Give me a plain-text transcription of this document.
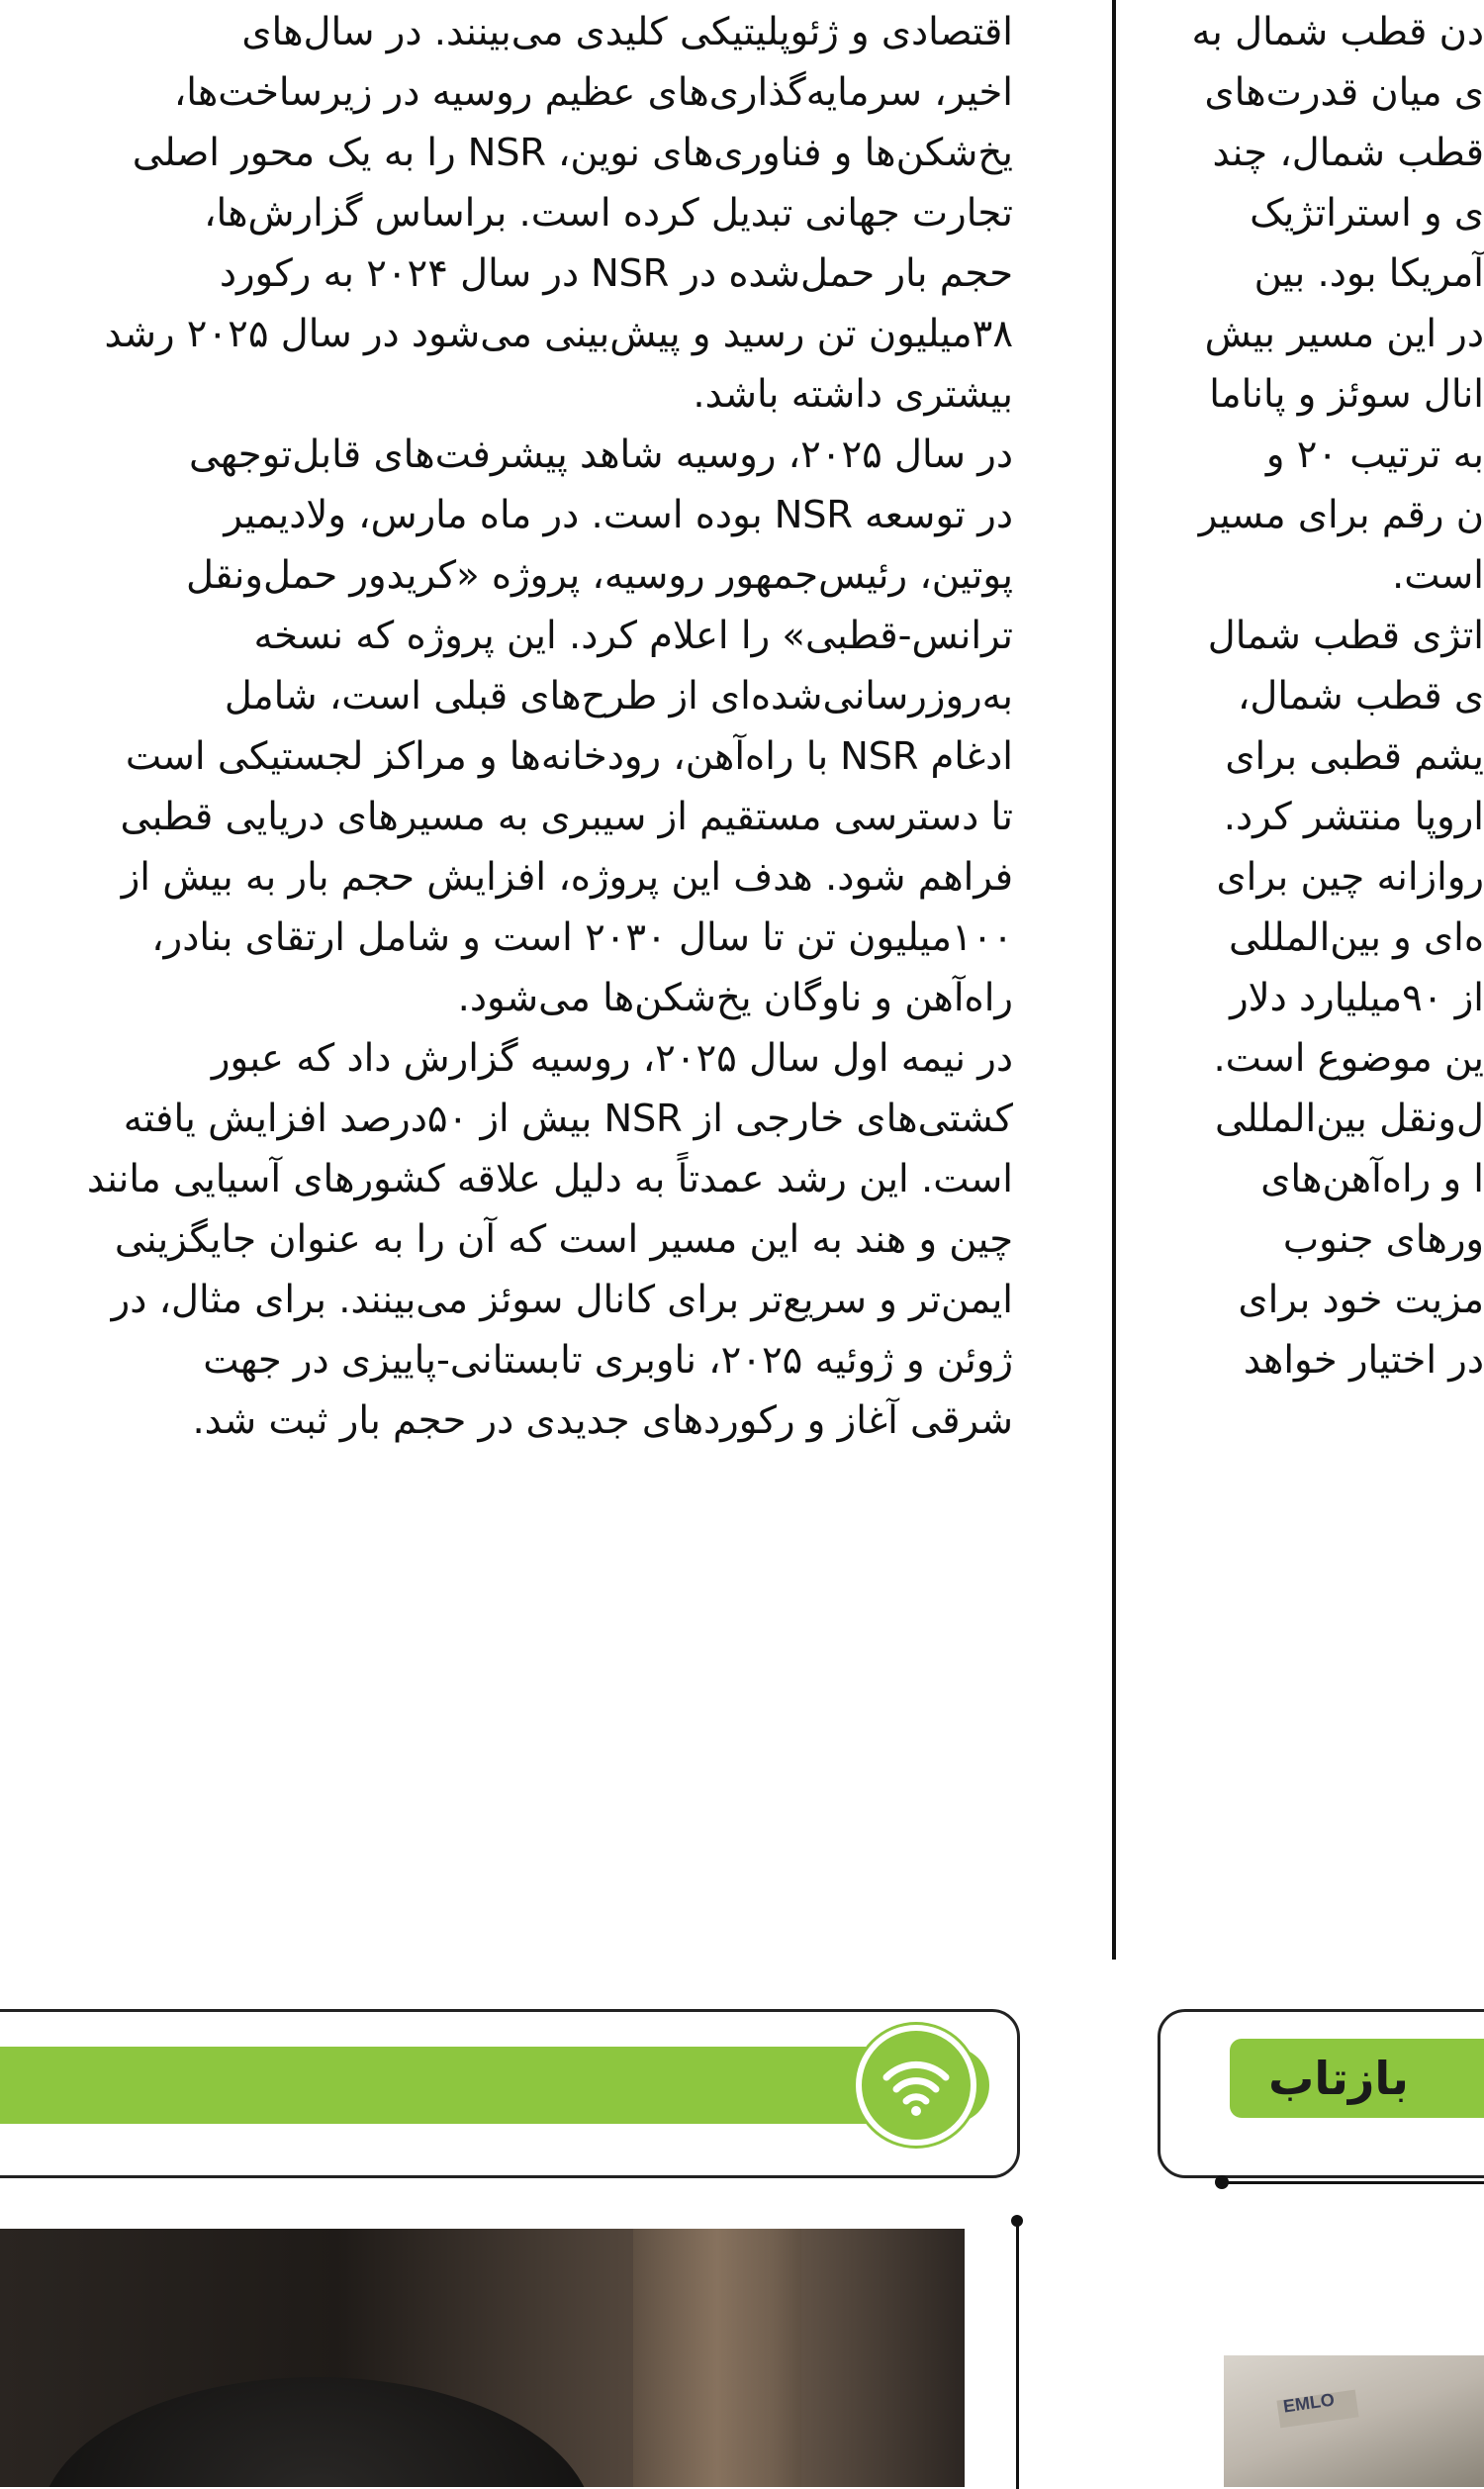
اقتصادی و ژئوپلیتیکی کلیدی می‌بینند. در سال‌های
اخیر، سرمایه‌گذاری‌های عظیم روسیه در زیرساخت‌ها،
یخ‌شکن‌ها و فناوری‌های نوین، NSR را به یک محور اصلی
تجارت جهانی تبدیل کرده است. براساس گزارش‌ها،
حجم بار حمل‌شده در NSR در سال ۲۰۲۴ به رکورد
۳۸میلیون تن رسید و پیش‌بینی می‌شود در سال ۲۰۲۵ رشد
بیشتری داشته باشد.

در سال ۲۰۲۵، روسیه شاهد پیشرفت‌های قابل‌توجهی
در توسعه NSR بوده است. در ماه مارس، ولادیمیر
پوتین، رئیس‌جمهور روسیه، پروژه «کریدور حمل‌ونقل
ترانس-قطبی» را اعلام کرد. این پروژه که نسخه
به‌روزرسانی‌شده‌ای از طرح‌های قبلی است، شامل
ادغام NSR با راه‌آهن، رودخانه‌ها و مراکز لجستیکی است
تا دسترسی مستقیم از سیبری به مسیرهای دریایی قطبی
فراهم شود. هدف این پروژه، افزایش حجم بار به بیش از
۱۰۰میلیون تن تا سال ۲۰۳۰ است و شامل ارتقای بنادر،
راه‌آهن و ناوگان یخ‌شکن‌ها می‌شود.

در نیمه اول سال ۲۰۲۵، روسیه گزارش داد که عبور
کشتی‌های خارجی از NSR بیش از ۵۰درصد افزایش یافته
است. این رشد عمدتاً به دلیل علاقه کشورهای آسیایی مانند
چین و هند به این مسیر است که آن را به عنوان جایگزینی
ایمن‌تر و سریع‌تر برای کانال سوئز می‌بینند. برای مثال، در
ژوئن و ژوئیه ۲۰۲۵، ناوبری تابستانی-پاییزی در جهت
شرقی آغاز و رکوردهای جدیدی در حجم بار ثبت شد.

دن قطب شمال به
ی میان قدرت‌های
قطب شمال، چند
ی و استراتژیک
آمریکا بود. بین
در این مسیر بیش
انال سوئز و پاناما
به ترتیب ۲۰ و
ن رقم برای مسیر
است.
اتژی قطب شمال
ی قطب شمال،
یشم قطبی برای
اروپا منتشر کرد.
روازانه چین برای
ه‌ای و بین‌المللی
از ۹۰میلیارد دلار
ین موضوع است.
ل‌ونقل بین‌المللی
ا و راه‌آهن‌های
ورهای جنوب
مزیت خود برای
در اختیار خواهد

بازتاب
EMLO
